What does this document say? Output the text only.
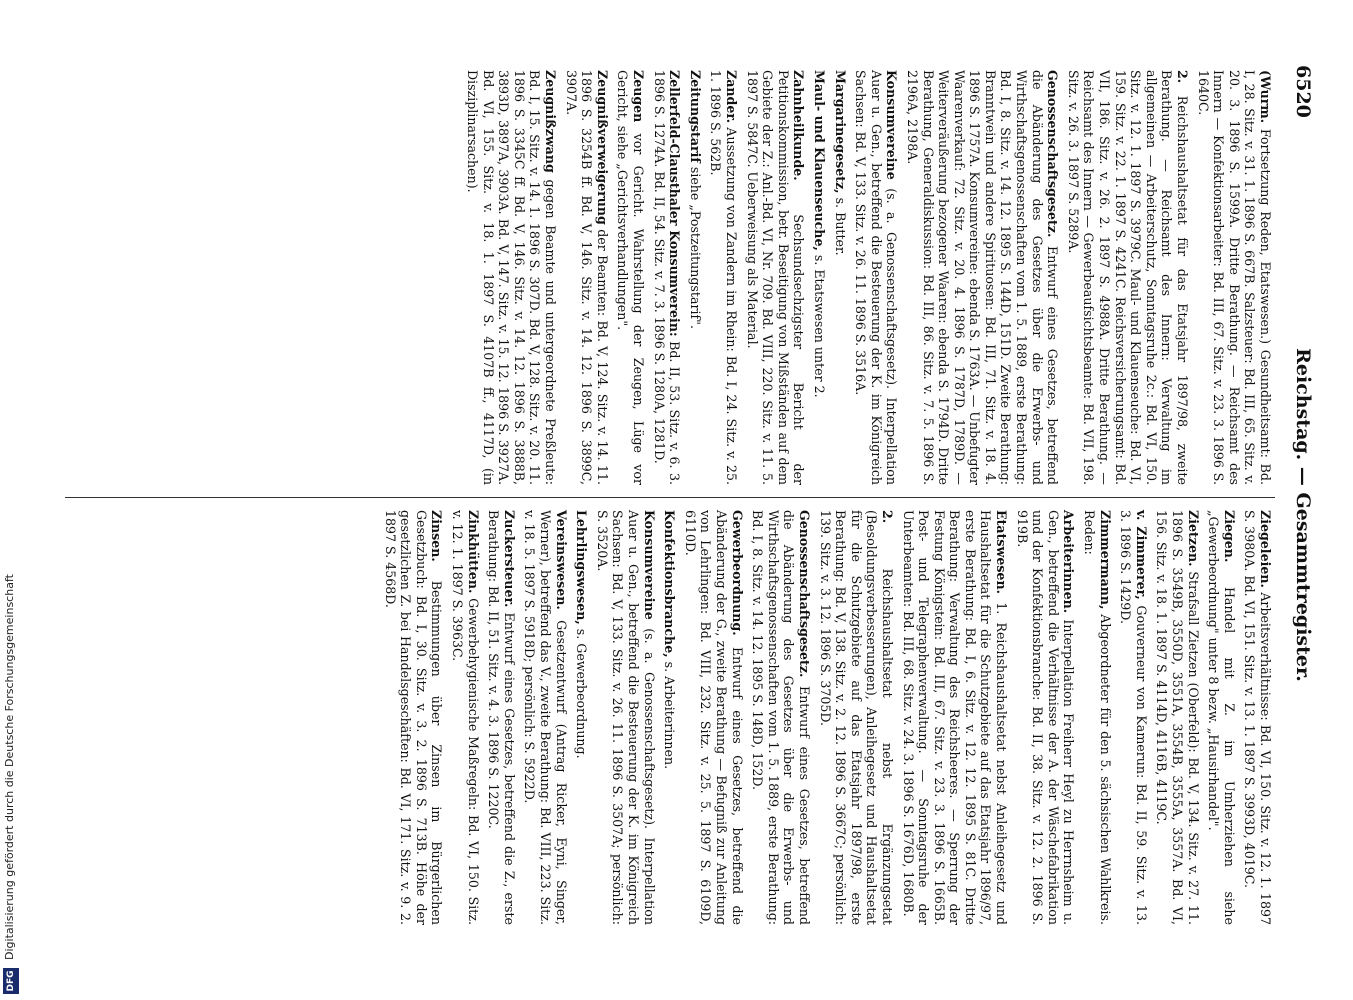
6520
Reichstag. — Gesammtregister.

(Wurm. Fortsetzung Reden, Etatswesen.) Gesundheitsamt: Bd. I, 28. Sitz. v. 31. 1. 1896 S. 667B. Salzsteuer: Bd. III, 65. Sitz. v. 20. 3. 1896 S. 1599A. Dritte Berathung. — Reichsamt des Innern — Konfektionsarbeiter: Bd. III, 67. Sitz. v. 23. 3. 1896 S. 1640C.

2. Reichshaushaltsetat für das Etatsjahr 1897/98, zweite Berathung. — Reichsamt des Innern: Verwaltung im allgemeinen — Arbeiterschutz, Sonntagsruhe 2c.: Bd. VI, 150. Sitz. v. 12. 1. 1897 S. 3979C. Maul- und Klauenseuche: Bd. VI, 159. Sitz. v. 22. 1. 1897 S. 4241C. Reichsversicherungsamt: Bd. VII, 186. Sitz. v. 26. 2. 1897 S. 4988A. Dritte Berathung. — Reichsamt des Innern — Gewerbeaufsichtsbeamte: Bd. VII, 198. Sitz. v. 26. 3. 1897 S. 5289A.

Genossenschaftsgesetz. Entwurf eines Gesetzes, betreffend die Abänderung des Gesetzes über die Erwerbs- und Wirthschaftsgenossenschaften vom 1. 5. 1889, erste Berathung: Bd. I, 8. Sitz. v. 14. 12. 1895 S. 144D, 151D. Zweite Berathung: Branntwein und andere Spirituosen: Bd. III, 71. Sitz. v. 18. 4. 1896 S. 1757A. Konsumvereine: ebenda S. 1763A. — Unbefugter Waarenverkauf: 72. Sitz. v. 20. 4. 1896 S. 1787D, 1789D. — Weiterveräußerung bezogener Waaren: ebenda S. 1794D. Dritte Berathung, Generaldiskussion: Bd. III, 86. Sitz. v. 7. 5. 1896 S. 2196A, 2198A.

Konsumvereine (s. a. Genossenschaftsgesetz). Interpellation Auer u. Gen., betreffend die Besteuerung der K. im Königreich Sachsen: Bd. V, 133. Sitz. v. 26. 11. 1896 S. 3516A.

Margarinegesetz, s. Butter.

Maul- und Klauenseuche, s. Etatswesen unter 2.

Zahnheilkunde. Sechsundsechzigster Bericht der Petitionskommission, betr. Beseitigung von Mißständen auf dem Gebiete der Z.: Anl.-Bd. VI, Nr. 709. Bd. VIII, 220. Sitz. v. 11. 5. 1897 S. 5847C. Ueberweisung als Material.

Zander. Aussetzung von Zandern im Rhein: Bd. I, 24. Sitz. v. 25. 1. 1896 S. 562B.

Zeitungstarif siehe „Postzeitungstarif".

Zellerfeld-Clausthaler Konsumverein: Bd. II, 53. Sitz. v. 6. 3. 1896 S. 1274A. Bd. II, 54. Sitz. v. 7. 3. 1896 S. 1280A, 1281D.

Zeugen vor Gericht. Wahrstellung der Zeugen, Lüge vor Gericht, siehe „Gerichtsverhandlungen".

Zeugnißverweigerung der Beamten: Bd. V, 124. Sitz. v. 14. 11. 1896 S. 3254B ff. Bd. V, 146. Sitz. v. 14. 12. 1896 S. 3899C, 3907A.

Zeugnißzwang gegen Beamte und untergeordnete Preßleute: Bd. I, 15. Sitz. v. 14. 1. 1896 S. 307D. Bd. V, 128. Sitz. v. 20. 11. 1896 S. 3345C ff. Bd. V, 146. Sitz. v. 14. 12. 1896 S. 3888B, 3893D, 3897A, 3903A. Bd. V, 147. Sitz. v. 15. 12. 1896 S. 3927A. Bd. VI, 155. Sitz. v. 18. 1. 1897 S. 4107B ff., 4117D, (in Disziplinarsachen).

Ziegeleien. Arbeitsverhältnisse: Bd. VI, 150. Sitz. v. 12. 1. 1897 S. 3980A. Bd. VI, 151. Sitz. v. 13. 1. 1897 S. 3993D, 4019C.

Ziegen. Handel mit Z. im Umherziehen siehe „Gewerbeordnung" unter 8 bezw. „Hausirhandel".

Zietzen. Strafsall Zietzen (Oberfeld): Bd. V, 134. Sitz. v. 27. 11. 1896 S. 3549B, 3550D, 3551A, 3554B, 3555A, 3557A. Bd. VI, 156. Sitz. v. 18. 1. 1897 S. 4114D, 4116B, 4119C.

v. Zimmerer, Gouverneur von Kamerun: Bd. II, 59. Sitz. v. 13. 3. 1896 S. 1429D.

Zimmermann, Abgeordneter für den 5. sächsischen Wahlkreis. Reden:

Arbeiterinnen. Interpellation Freiherr Heyl zu Herrnsheim u. Gen., betreffend die Verhältnisse der A. der Wäschefabrikation und der Konfektionsbranche: Bd. II, 38. Sitz. v. 12. 2. 1896 S. 919B.

Etatswesen. 1. Reichshaushaltsetat nebst Anleihegesetz und Haushaltsetat für die Schutzgebiete auf das Etatsjahr 1896/97, erste Berathung: Bd. I, 6. Sitz. v. 12. 12. 1895 S. 81C. Dritte Berathung: Verwaltung des Reichsheeres. — Sperrung der Festung Königstein: Bd. III, 67. Sitz. v. 23. 3. 1896 S. 1665B. Post- und Telegraphenverwaltung. — Sonntagsruhe der Unterbeamten: Bd. III, 68. Sitz. v. 24. 3. 1896 S. 1676D, 1680B.

2. Reichshaushaltsetat nebst Ergänzungsetat (Besoldungsverbesserungen), Anleihegesetz und Haushaltsetat für die Schutzgebiete auf das Etatsjahr 1897/98, erste Berathung: Bd. V, 138. Sitz. v. 2. 12. 1896 S. 3667C; persönlich: 139. Sitz. v. 3. 12. 1896 S. 3705D.

Genossenschaftsgesetz. Entwurf eines Gesetzes, betreffend die Abänderung des Gesetzes über die Erwerbs- und Wirthschaftsgenossenschaften vom 1. 5. 1889, erste Berathung: Bd. I, 8. Sitz. v. 14. 12. 1895 S. 148D, 152D.

Gewerbeordnung. Entwurf eines Gesetzes, betreffend die Abänderung der G., zweite Berathung — Befugniß zur Anleitung von Lehrlingen: Bd. VIII, 232. Sitz. v. 25. 5. 1897 S. 6109D, 6110D.

Konfektionsbranche, s. Arbeiterinnen.

Konsumvereine (s. a. Genossenschaftsgesetz). Interpellation Auer u. Gen., betreffend die Besteuerung der K. im Königreich Sachsen: Bd. V, 133. Sitz. v. 26. 11. 1896 S. 3507A; persönlich: S. 3520A.

Lehrlingswesen, s. Gewerbeordnung.

Vereinswesen. Gesetzentwurf (Antrag Ricker, Eyni, Singer, Werner), betreffend das V., zweite Berathung: Bd. VIII, 223. Sitz. v. 18. 5. 1897 S. 5918D; persönlich: S. 5922D.

Zuckersteuer. Entwurf eines Gesetzes, betreffend die Z., erste Berathung: Bd. II, 51. Sitz. v. 4. 3. 1896 S. 1220C.

Zinkhütten. Gewerbehygienische Maßregeln: Bd. VI, 150. Sitz. v. 12. 1. 1897 S. 3963C.

Zinsen. Bestimmungen über Zinsen im Bürgerlichen Gesetzbuch: Bd. I, 30. Sitz. v. 3. 2. 1896 S. 713B. Höhe der gesetzlichen Z. bei Handelsgeschäften: Bd. VI, 171. Sitz. v. 9. 2. 1897 S. 4568D.

Digitalisierung gefördert durch die Deutsche Forschungsgemeinschaft
DFG
